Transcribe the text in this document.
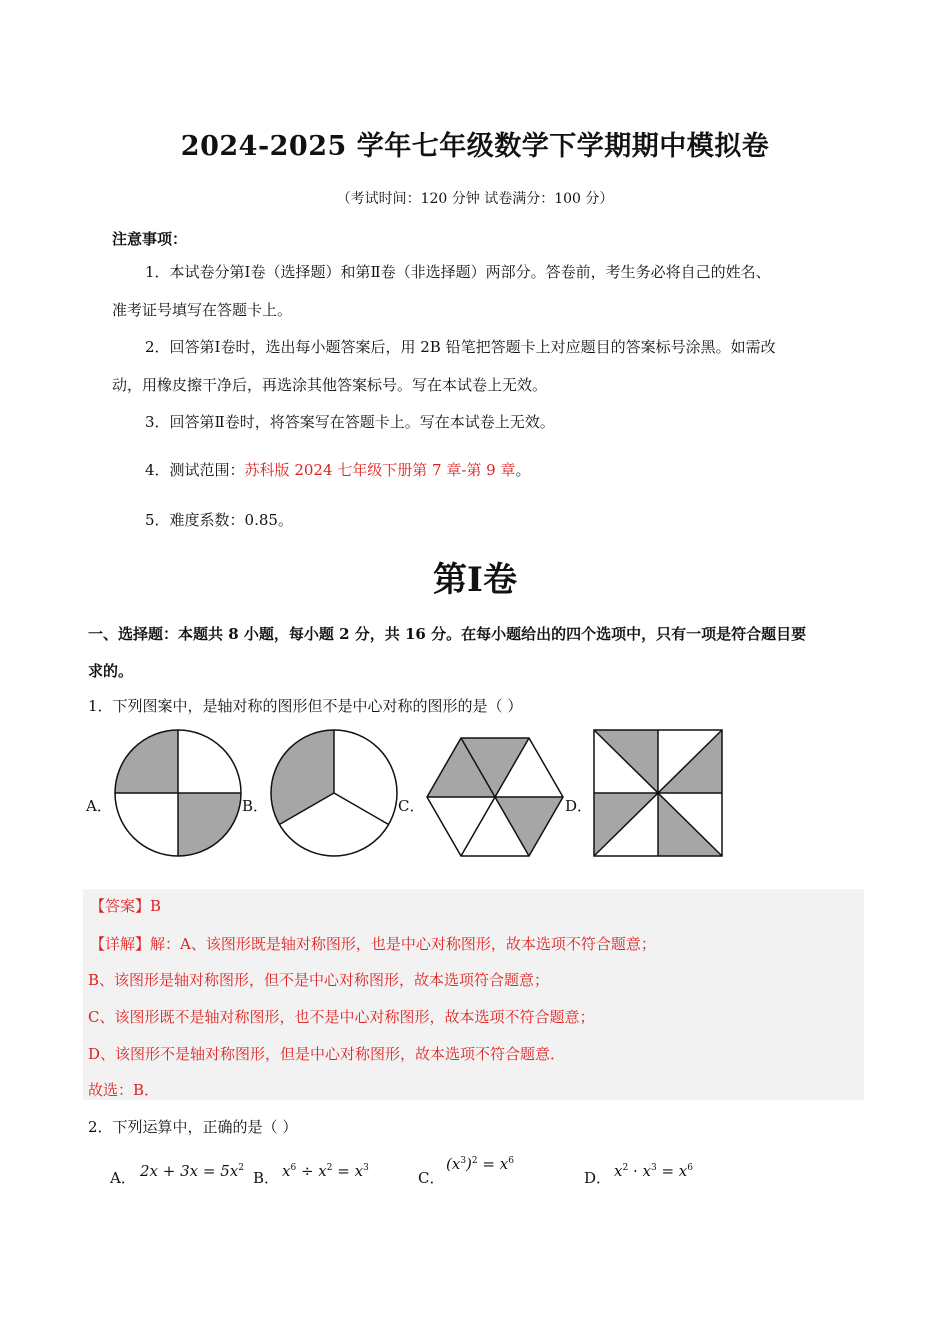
2024-2025 学年七年级数学下学期期中模拟卷
（考试时间：120 分钟 试卷满分：100 分）
注意事项：
1．本试卷分第Ⅰ卷（选择题）和第Ⅱ卷（非选择题）两部分。答卷前，考生务必将自己的姓名、
准考证号填写在答题卡上。
2．回答第Ⅰ卷时，选出每小题答案后，用 2B 铅笔把答题卡上对应题目的答案标号涂黑。如需改
动，用橡皮擦干净后，再选涂其他答案标号。写在本试卷上无效。
3．回答第Ⅱ卷时，将答案写在答题卡上。写在本试卷上无效。
4．测试范围：苏科版 2024 七年级下册第 7 章-第 9 章。
5．难度系数：0.85。
第Ⅰ卷
一、选择题：本题共 8 小题，每小题 2 分，共 16 分。在每小题给出的四个选项中，只有一项是符合题目要
求的。
1．下列图案中，是轴对称的图形但不是中心对称的图形的是（ ）
A．	B．	C．	D．
【答案】B
【详解】解：A、该图形既是轴对称图形，也是中心对称图形，故本选项不符合题意；
B、该图形是轴对称图形，但不是中心对称图形，故本选项符合题意；
C、该图形既不是轴对称图形，也不是中心对称图形，故本选项不符合题意；
D、该图形不是轴对称图形，但是中心对称图形，故本选项不符合题意．
故选：B．
2．下列运算中，正确的是（ ）
A． $2x + 3x = 5x^2$
B． $x^6 \div x^2 = x^3$
C．
$(x^3)^2 = x^6$
D． $x^2 \cdot x^3 = x^6$
